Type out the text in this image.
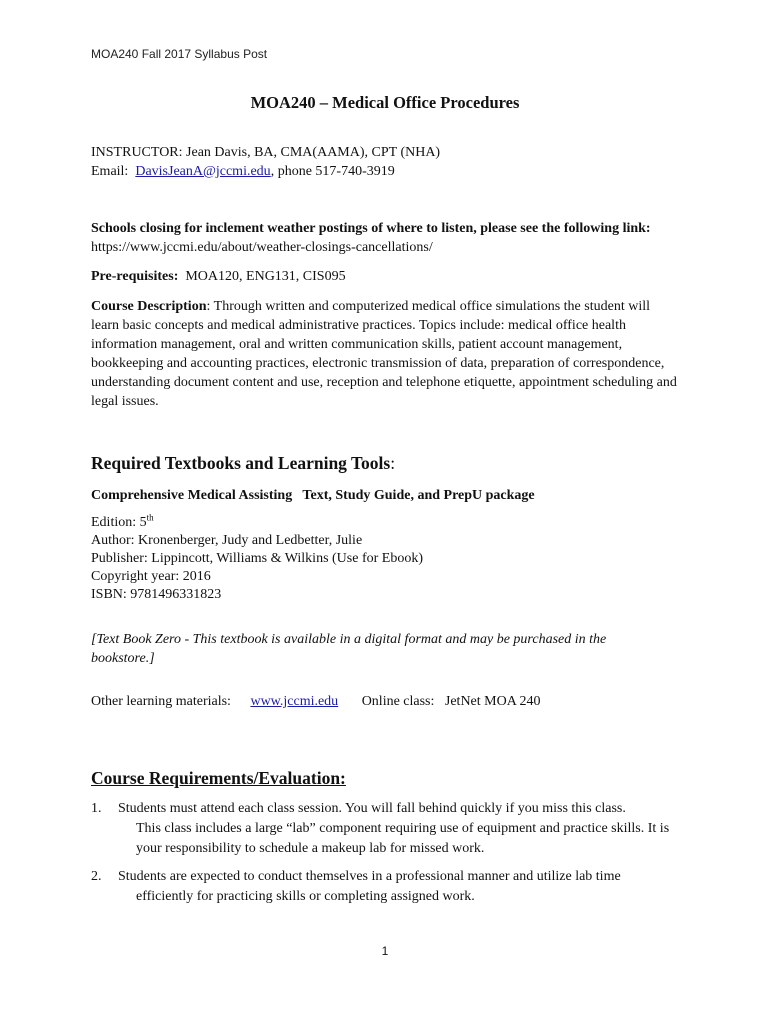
MOA240 Fall 2017 Syllabus Post
MOA240 – Medical Office Procedures
INSTRUCTOR: Jean Davis, BA, CMA(AAMA), CPT (NHA)
Email:  DavisJeanA@jccmi.edu, phone 517-740-3919
Schools closing for inclement weather postings of where to listen, please see the following link: https://www.jccmi.edu/about/weather-closings-cancellations/
Pre-requisites:  MOA120, ENG131, CIS095
Course Description: Through written and computerized medical office simulations the student will learn basic concepts and medical administrative practices. Topics include: medical office health information management, oral and written communication skills, patient account management, bookkeeping and accounting practices, electronic transmission of data, preparation of correspondence, understanding document content and use, reception and telephone etiquette, appointment scheduling and legal issues.
Required Textbooks and Learning Tools:
Comprehensive Medical Assisting   Text, Study Guide, and PrepU package
Edition: 5th
Author: Kronenberger, Judy and Ledbetter, Julie
Publisher: Lippincott, Williams & Wilkins (Use for Ebook)
Copyright year: 2016
ISBN: 9781496331823
[Text Book Zero - This textbook is available in a digital format and may be purchased in the bookstore.]
Other learning materials: www.jccmi.edu Online class:   JetNet MOA 240
Course Requirements/Evaluation:
1. Students must attend each class session. You will fall behind quickly if you miss this class.
This class includes a large “lab” component requiring use of equipment and practice skills. It is your responsibility to schedule a makeup lab for missed work.
2. Students are expected to conduct themselves in a professional manner and utilize lab time
efficiently for practicing skills or completing assigned work.
1
